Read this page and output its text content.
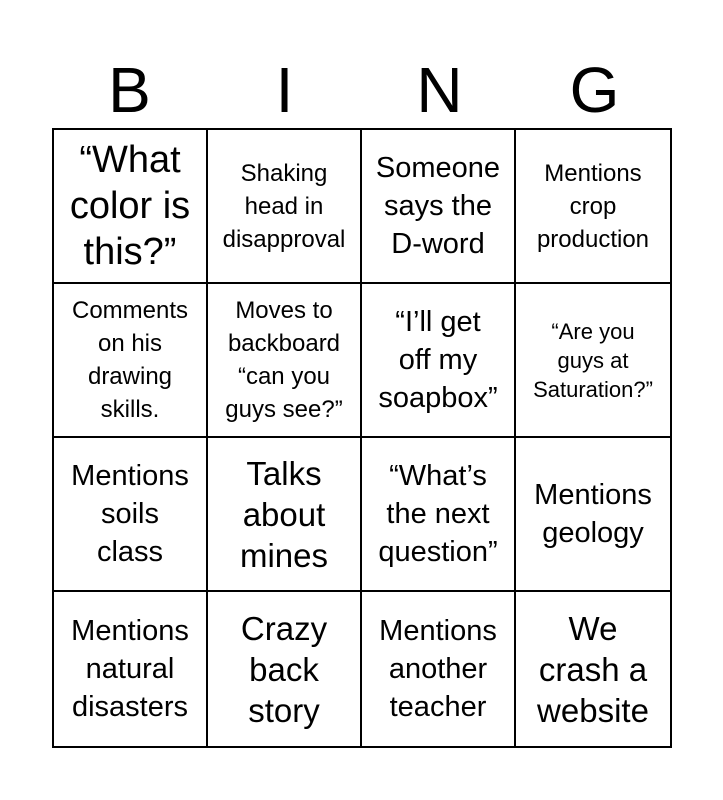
B	I	N	G
“What
color is
this?”
Shaking
head in
disapproval
Someone
says the
D-word
Mentions
crop
production
Comments
on his
drawing
skills.
Moves to
backboard
“can you
guys see?”
“I’ll get
off my
soapbox”
“Are you
guys at
Saturation?”
Mentions
soils
class
Talks
about
mines
“What’s
the next
question”
Mentions
geology
Mentions
natural
disasters
Crazy
back
story
Mentions
another
teacher
We
crash a
website
